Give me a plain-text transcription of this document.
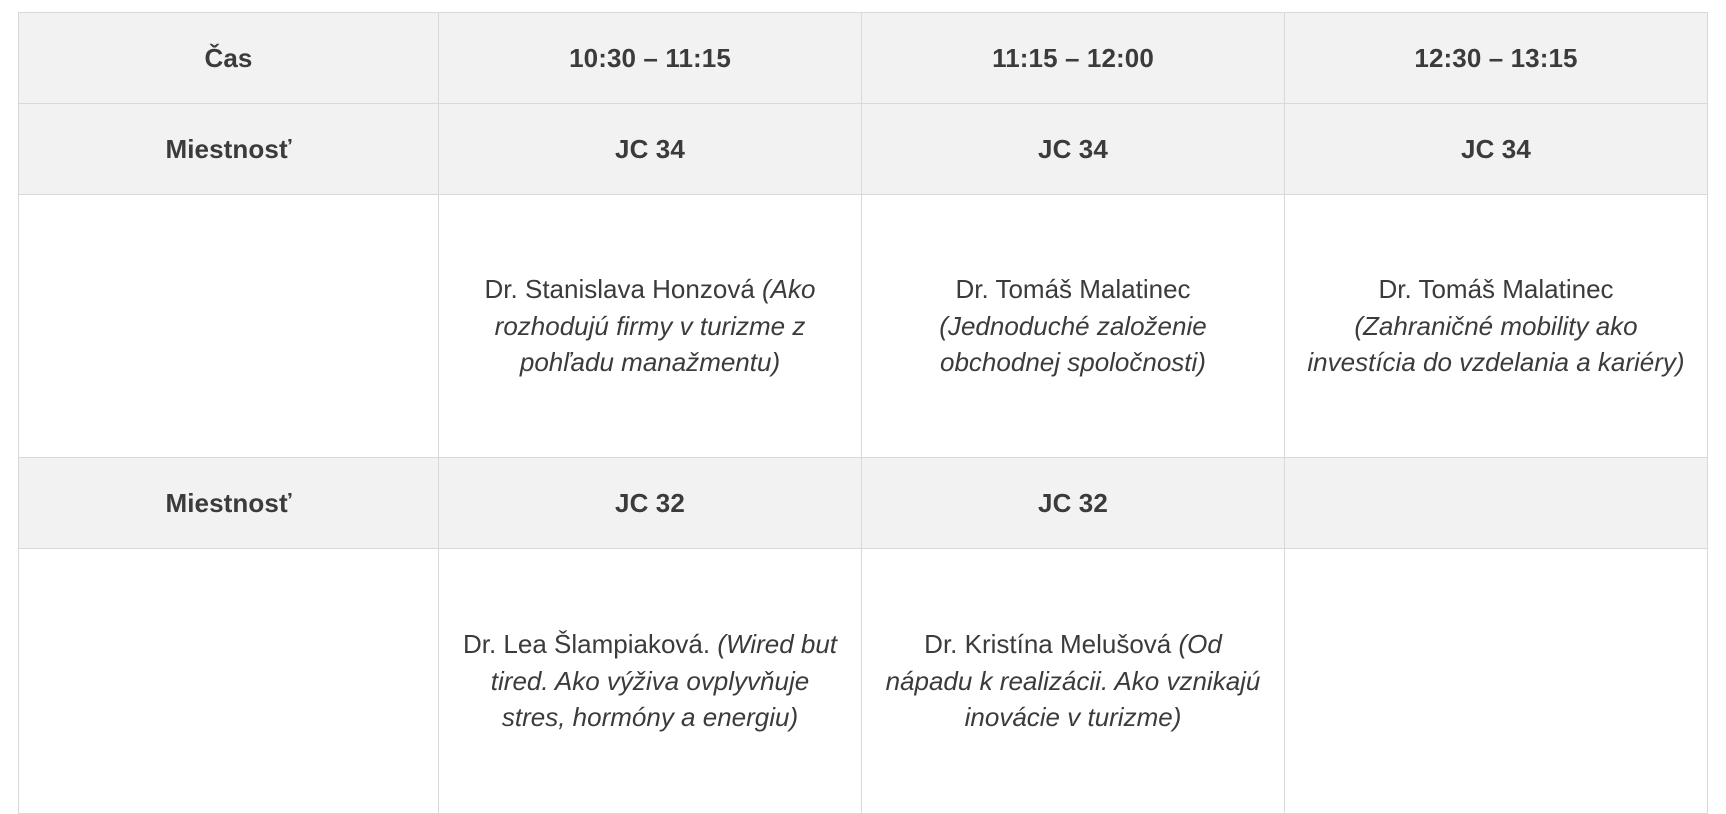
Čas	10:30 – 11:15	11:15 – 12:00	12:30 – 13:15
Miestnosť	JC 34	JC 34	JC 34
	Dr. Stanislava Honzová (Ako rozhodujú firmy v turizme z pohľadu manažmentu)	Dr. Tomáš Malatinec (Jednoduché založenie obchodnej spoločnosti)	Dr. Tomáš Malatinec (Zahraničné mobility ako investícia do vzdelania a kariéry)
Miestnosť	JC 32	JC 32	
	Dr. Lea Šlampiaková. (Wired but tired. Ako výživa ovplyvňuje stres, hormóny a energiu)	Dr. Kristína Melušová (Od nápadu k realizácii. Ako vznikajú inovácie v turizme)	
